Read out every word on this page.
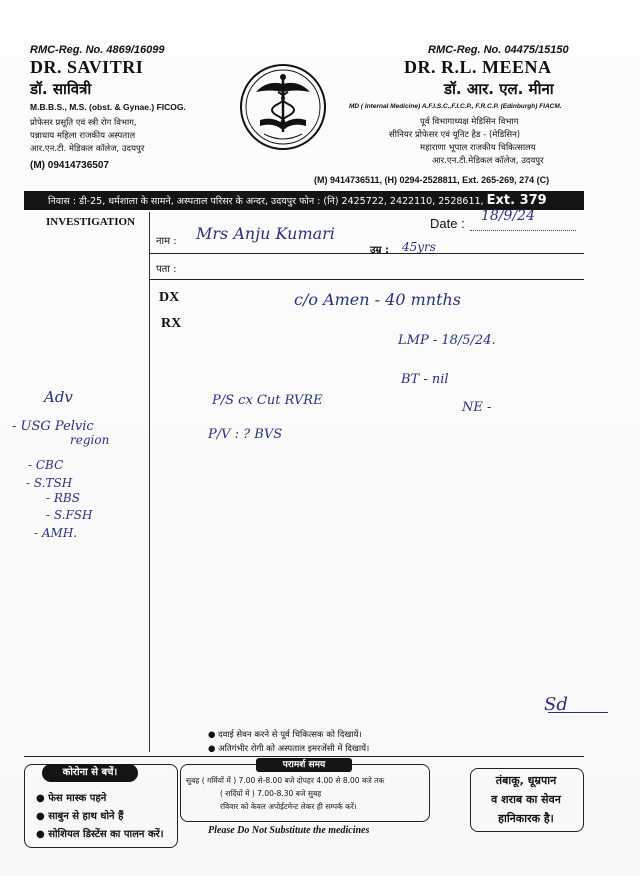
RMC-Reg. No. 4869/16099
DR. SAVITRI
डॉ. सावित्री
M.B.B.S., M.S. (obst. & Gynae.) FICOG.
प्रोफेसर प्रसूति एवं स्त्री रोग विभाग,
पन्नाधाय महिला राजकीय अस्पताल
आर.एन.टी. मेडिकल कॉलेज, उदयपुर
(M) 09414736507
RMC-Reg. No. 04475/15150
DR. R.L. MEENA
डॉ. आर. एल. मीना
MD ( Internal Medicine) A.F.I.S.C.,F.I.C.P., F.R.C.P. (Edinburgh) FIACM.
पूर्व विभागाध्यक्ष मेडिसिन विभाग
सीनियर प्रोफेसर एवं यूनिट हैड - (मेडिसिन)
महाराणा भूपाल राजकीय चिकित्सालय
आर.एन.टी.मेडिकल कॉलेज, उदयपुर
(M) 9414736511, (H) 0294-2528811, Ext. 265-269, 274 (C)
निवास : डी-25, धर्मशाला के सामने, अस्पताल परिसर के अन्दर, उदयपुर फोन : (नि) 2425722, 2422110, 2528611, Ext. 379
INVESTIGATION
नाम :
Date :
उम्र :
पता :
DX
RX
Mrs Anju Kumari
18/9/24
45yrs
c/o Amen - 40 mnths
LMP - 18/5/24.
BT - nil
P/S cx Cut RVRE	NE -
P/V : ? BVS
Adv
- USG Pelvic
region
- CBC
- S.TSH
- RBS
- S.FSH
- AMH.
Sd
● दवाई सेवन करने से पूर्व चिकित्सक को दिखायें।
● अतिगंभीर रोगी को अस्पताल इमरजेंसी में दिखायें।
कोरोना से बचें।
● फेस मास्क पहने
● साबुन से हाथ धोने हैं
● सोशियल डिस्टेंस का पालन करें।
परामर्श समय
सुबह ( गर्मियों में ) 7.00 से-8.00 बजे दोपहर 4.00 से 8.00 बजे तक
( सर्दियों में ) 7.00-8.30 बजे सुबह
रविवार को केवल अपोईटमेन्ट लेकर ही सम्पर्क करें।
Please Do Not Substitute the medicines
तंबाकू, धूम्रपान
व शराब का सेवन
हानिकारक है।
